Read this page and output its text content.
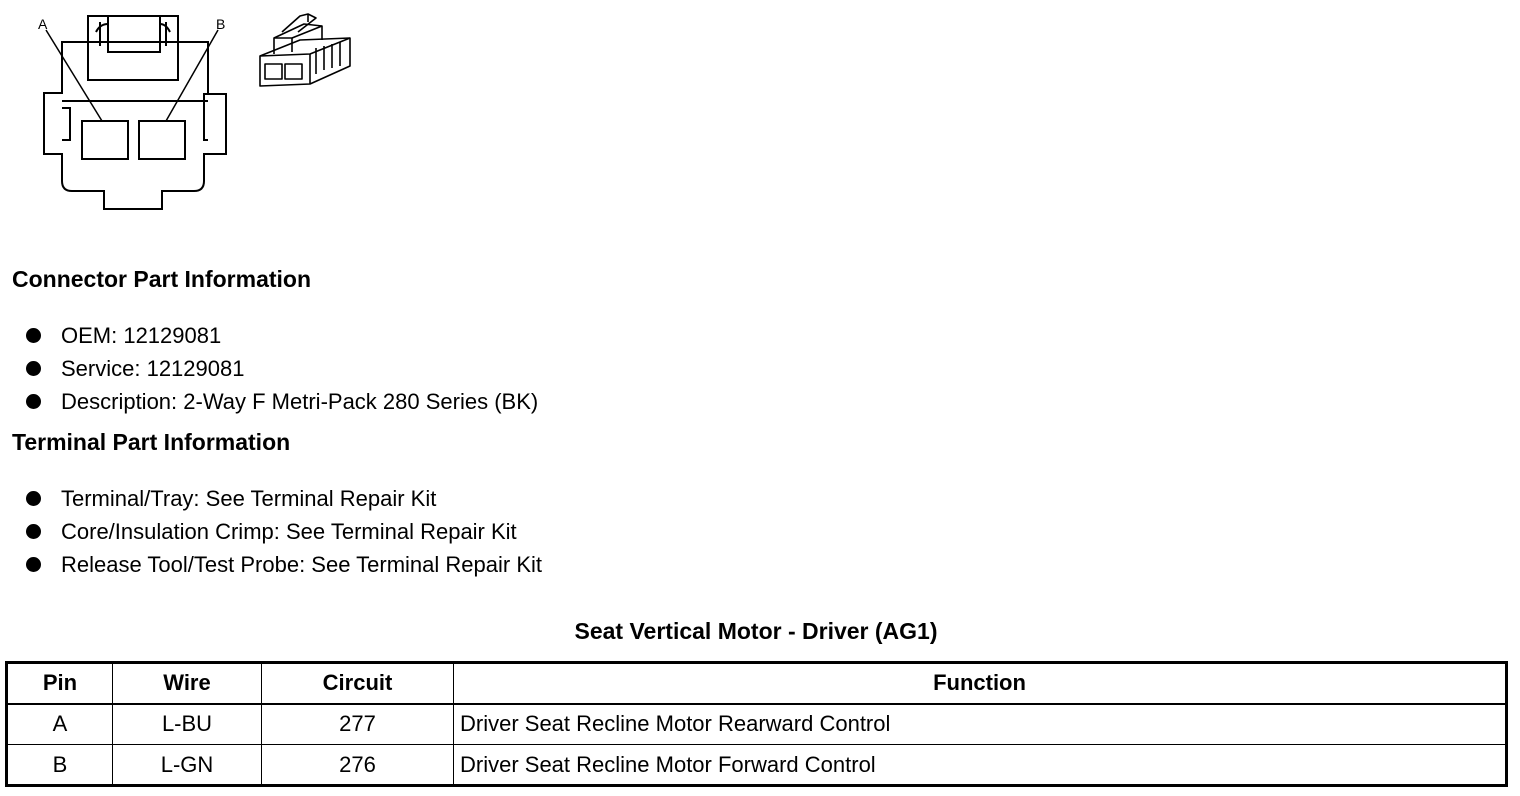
A	B
Connector Part Information
OEM: 12129081
Service: 12129081
Description: 2-Way F Metri-Pack 280 Series (BK)
Terminal Part Information
Terminal/Tray: See Terminal Repair Kit
Core/Insulation Crimp: See Terminal Repair Kit
Release Tool/Test Probe: See Terminal Repair Kit
Seat Vertical Motor - Driver (AG1)
Pin	Wire	Circuit	Function
A	L-BU	277	Driver Seat Recline Motor Rearward Control
B	L-GN	276	Driver Seat Recline Motor Forward Control
